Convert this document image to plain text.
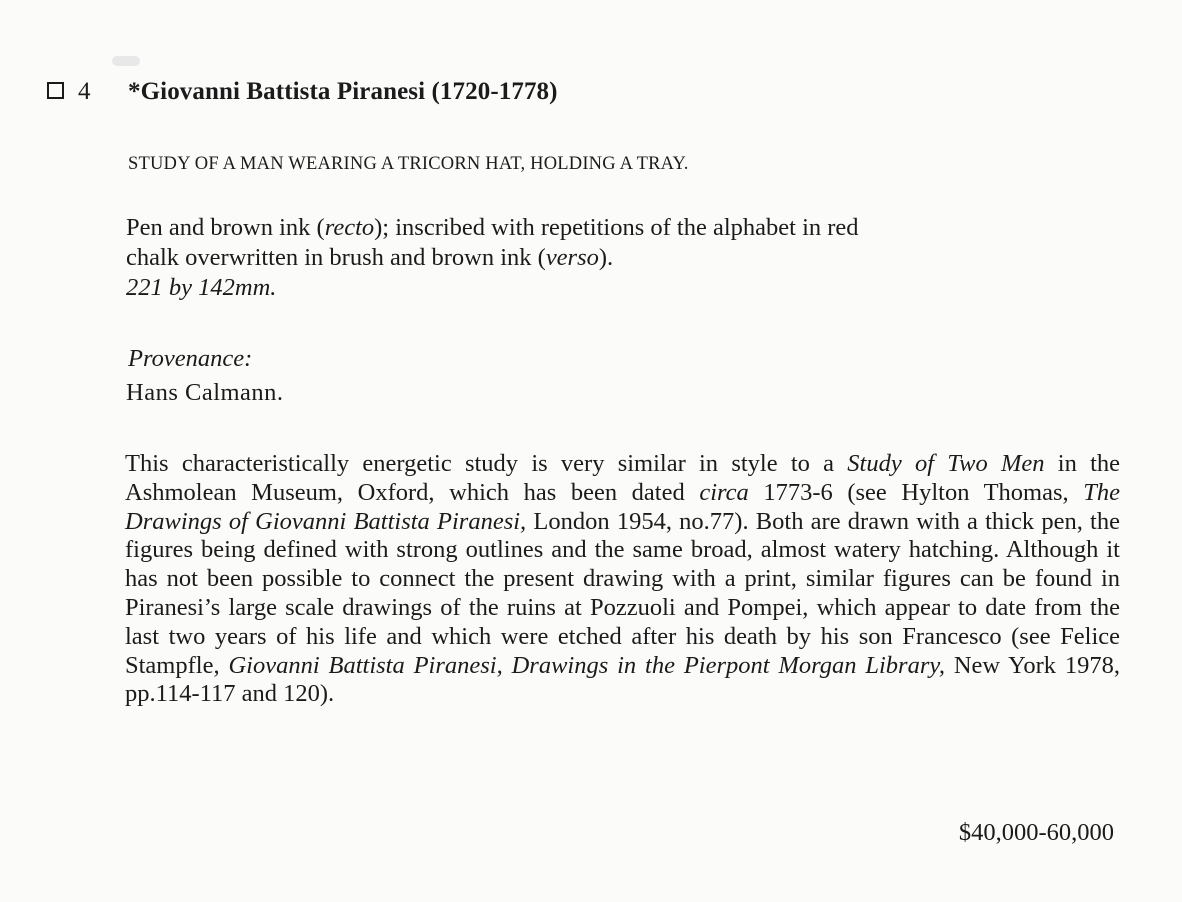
4 *Giovanni Battista Piranesi (1720-1778)
STUDY OF A MAN WEARING A TRICORN HAT, HOLDING A TRAY.
Pen and brown ink (recto); inscribed with repetitions of the alphabet in red
chalk overwritten in brush and brown ink (verso).
221 by 142mm.
Provenance:
Hans Calmann.

This characteristically energetic study is very similar in style to a Study of Two Men in the Ashmolean Museum, Oxford, which has been dated circa 1773-6 (see Hylton Thomas, The Drawings of Giovanni Battista Piranesi, London 1954, no.77). Both are drawn with a thick pen, the figures being defined with strong outlines and the same broad, almost watery hatching. Although it has not been possible to connect the present drawing with a print, similar figures can be found in Piranesi’s large scale drawings of the ruins at Pozzuoli and Pompei, which appear to date from the last two years of his life and which were etched after his death by his son Francesco (see Felice Stampfle, Giovanni Battista Piranesi, Drawings in the Pierpont Morgan Library, New York 1978, pp.114-117 and 120).

$40,000-60,000
